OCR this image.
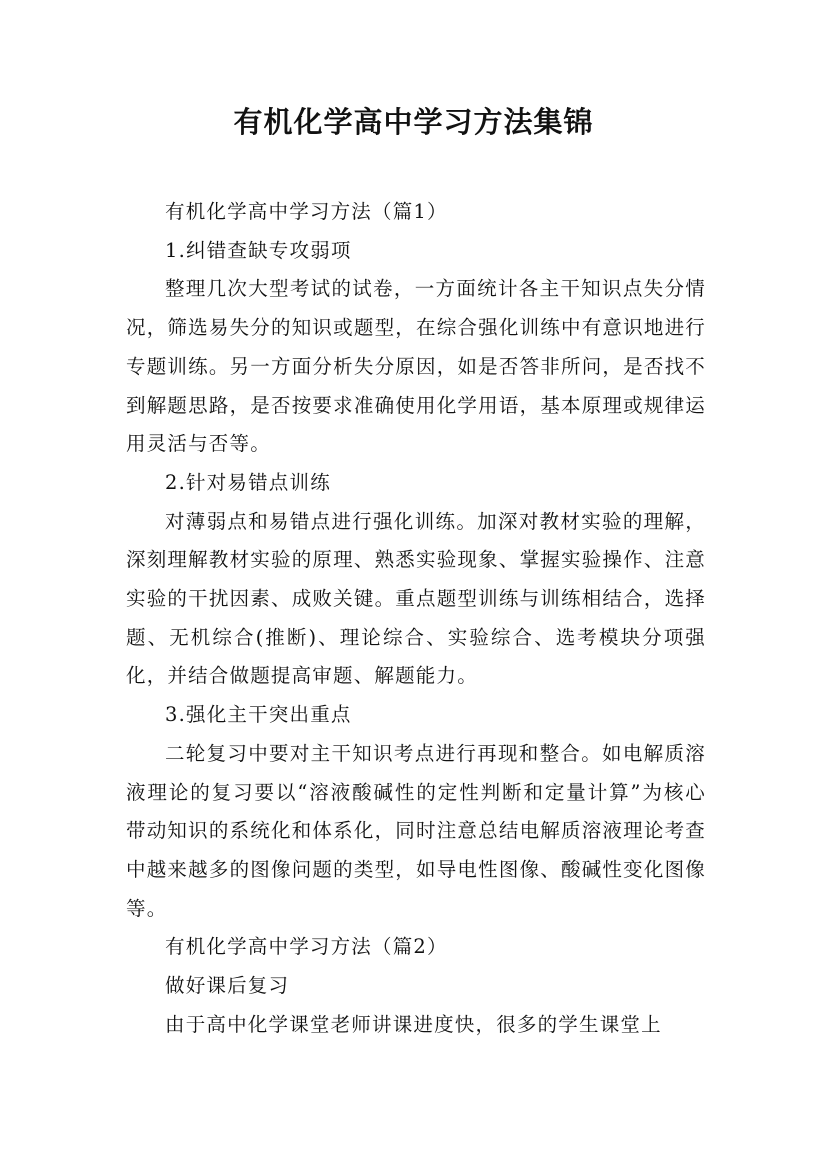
有机化学高中学习方法集锦

有机化学高中学习方法（篇1）

1.纠错查缺专攻弱项

整理几次大型考试的试卷，一方面统计各主干知识点失分情况，筛选易失分的知识或题型，在综合强化训练中有意识地进行专题训练。另一方面分析失分原因，如是否答非所问，是否找不到解题思路，是否按要求准确使用化学用语，基本原理或规律运用灵活与否等。

2.针对易错点训练

对薄弱点和易错点进行强化训练。加深对教材实验的理解，深刻理解教材实验的原理、熟悉实验现象、掌握实验操作、注意实验的干扰因素、成败关键。重点题型训练与训练相结合，选择题、无机综合(推断)、理论综合、实验综合、选考模块分项强化，并结合做题提高审题、解题能力。

3.强化主干突出重点

二轮复习中要对主干知识考点进行再现和整合。如电解质溶液理论的复习要以“溶液酸碱性的定性判断和定量计算”为核心带动知识的系统化和体系化，同时注意总结电解质溶液理论考查中越来越多的图像问题的类型，如导电性图像、酸碱性变化图像等。

有机化学高中学习方法（篇2）

做好课后复习

由于高中化学课堂老师讲课进度快，很多的学生课堂上
